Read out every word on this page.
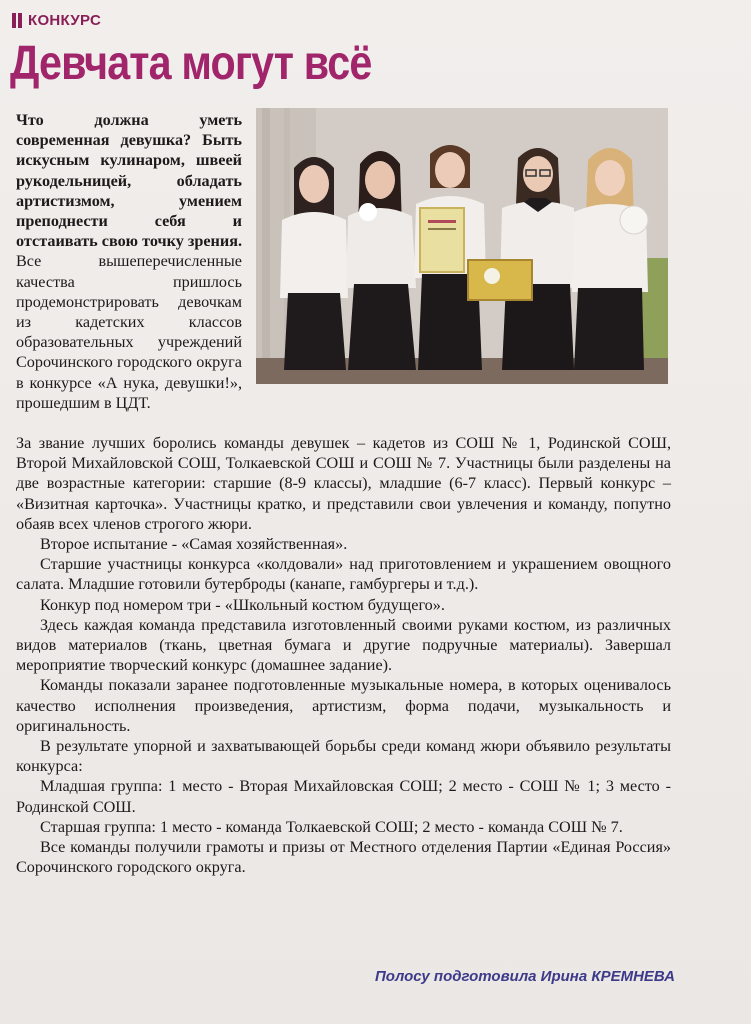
КОНКУРС
Девчата могут всё

Что должна уметь современная девушка? Быть искусным кулинаром, швеей рукодельницей, обладать артистизмом, умением преподнести себя и отстаивать свою точку зрения. Все вышеперечисленные качества пришлось продемонстрировать девочкам из кадетских классов образовательных учреждений Сорочинского городского округа в конкурсе «А нука, девушки!», прошедшим в ЦДТ.

За звание лучших боролись команды девушек – кадетов из СОШ № 1, Родинской СОШ, Второй Михайловской СОШ, Толкаевской СОШ и СОШ № 7. Участницы были разделены на две возрастные категории: старшие (8-9 классы), младшие (6-7 класс). Первый конкурс – «Визитная карточка». Участницы кратко, и представили свои увлечения и команду, попутно обаяв всех членов строгого жюри.

Второе испытание - «Самая хозяйственная».

Старшие участницы конкурса «колдовали» над приготовлением и украшением овощного салата. Младшие готовили бутерброды (канапе, гамбургеры и т.д.).

Конкур под номером три - «Школьный костюм будущего».

Здесь каждая команда представила изготовленный своими руками костюм, из различных видов материалов (ткань, цветная бумага и другие подручные материалы). Завершал мероприятие творческий конкурс (домашнее задание).

Команды показали заранее подготовленные музыкальные номера, в которых оценивалось качество исполнения произведения, артистизм, форма подачи, музыкальность и оригинальность.

В результате упорной и захватывающей борьбы среди команд жюри объявило результаты конкурса:

Младшая группа: 1 место - Вторая Михайловская СОШ; 2 место - СОШ № 1; 3 место - Родинской СОШ.

Старшая группа: 1 место - команда Толкаевской СОШ; 2 место - команда СОШ № 7.

Все команды получили грамоты и призы от Местного отделения Партии «Единая Россия» Сорочинского городского округа.

Полосу подготовила Ирина КРЕМНЕВА
